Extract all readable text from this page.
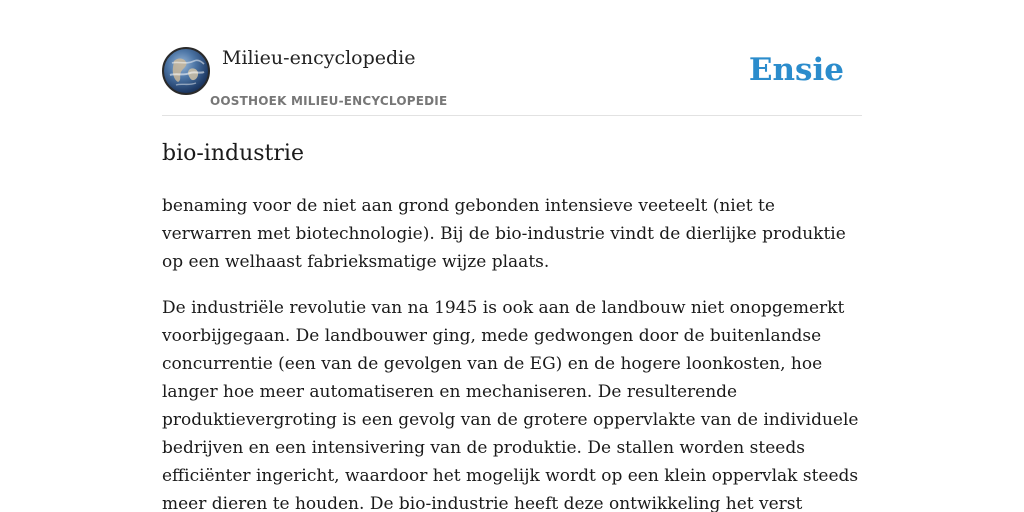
Milieu-encyclopedie
OOSTHOEK MILIEU-ENCYCLOPEDIE
Ensie
bio-industrie

benaming voor de niet aan grond gebonden intensieve veeteelt (niet te verwarren met biotechnologie). Bij de bio-industrie vindt de dierlijke produktie op een welhaast fabrieksmatige wijze plaats.

De industriële revolutie van na 1945 is ook aan de landbouw niet onopgemerkt voorbijgegaan. De landbouwer ging, mede gedwongen door de buitenlandse concurrentie (een van de gevolgen van de EG) en de hogere loonkosten, hoe langer hoe meer automatiseren en mechaniseren. De resulterende produktievergroting is een gevolg van de grotere oppervlakte van de individuele bedrijven en een intensivering van de produktie. De stallen worden steeds efficiënter ingericht, waardoor het mogelijk wordt op een klein oppervlak steeds meer dieren te houden. De bio-industrie heeft deze ontwikkeling het verst
